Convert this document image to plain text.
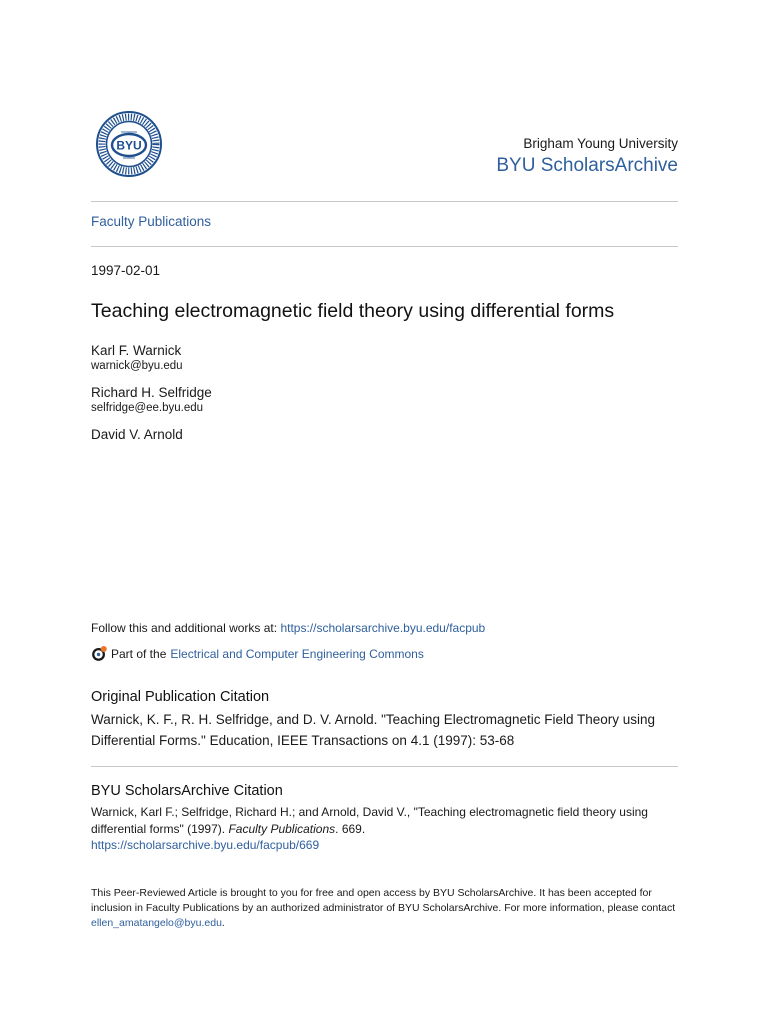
BYU	Brigham Young University
BYU ScholarsArchive
Faculty Publications
1997-02-01
Teaching electromagnetic field theory using differential forms
Karl F. Warnick
warnick@byu.edu
Richard H. Selfridge
selfridge@ee.byu.edu
David V. Arnold
Follow this and additional works at: https://scholarsarchive.byu.edu/facpub
Part of the Electrical and Computer Engineering Commons
Original Publication Citation
Warnick, K. F., R. H. Selfridge, and D. V. Arnold. "Teaching Electromagnetic Field Theory using Differential Forms." Education, IEEE Transactions on 4.1 (1997): 53-68
BYU ScholarsArchive Citation
Warnick, Karl F.; Selfridge, Richard H.; and Arnold, David V., "Teaching electromagnetic field theory using differential forms" (1997). Faculty Publications. 669.
https://scholarsarchive.byu.edu/facpub/669
This Peer-Reviewed Article is brought to you for free and open access by BYU ScholarsArchive. It has been accepted for inclusion in Faculty Publications by an authorized administrator of BYU ScholarsArchive. For more information, please contact ellen_amatangelo@byu.edu.
